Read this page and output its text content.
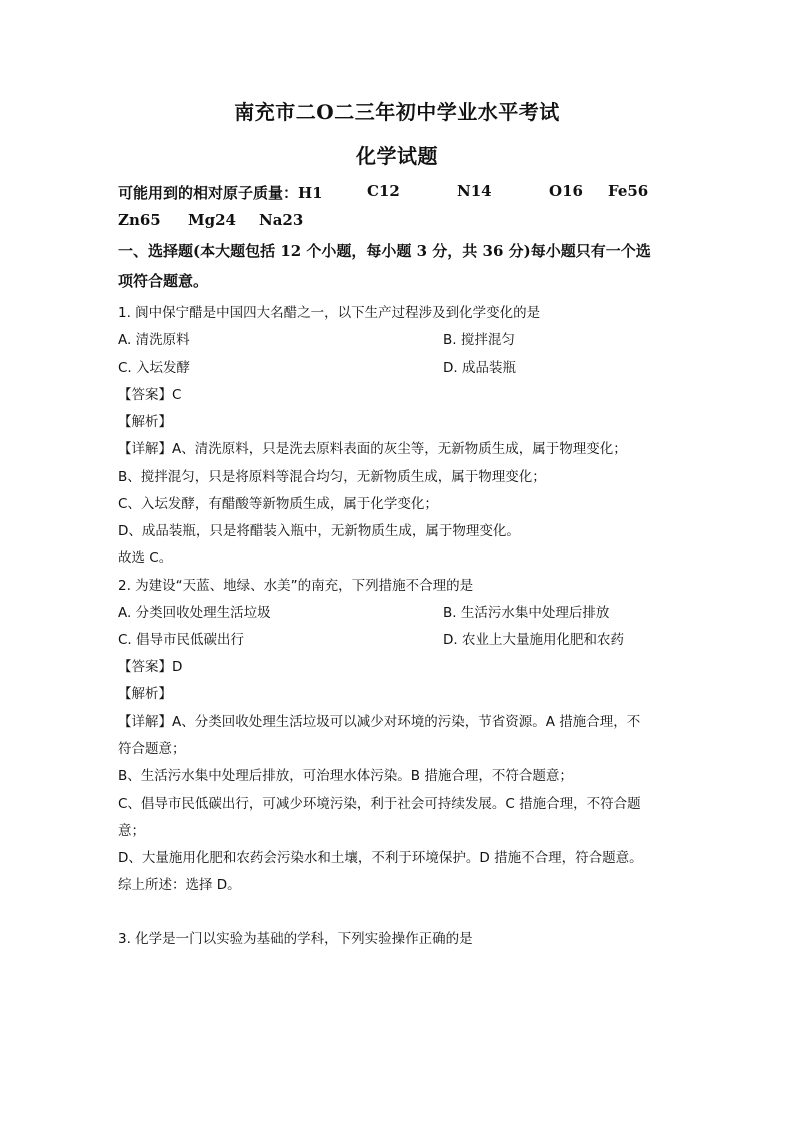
南充市二O二三年初中学业水平考试
化学试题
可能用到的相对原子质量：H1	C12	N14	O16 Fe56
Zn65 Mg24 Na23
一、选择题(本大题包括 12 个小题，每小题 3 分，共 36 分)每小题只有一个选
项符合题意。
1. 阆中保宁醋是中国四大名醋之一，以下生产过程涉及到化学变化的是
A. 清洗原料	B. 搅拌混匀
C. 入坛发酵	D. 成品装瓶
【答案】C
【解析】
【详解】A、清洗原料，只是洗去原料表面的灰尘等，无新物质生成，属于物理变化；
B、搅拌混匀，只是将原料等混合均匀，无新物质生成，属于物理变化；
C、入坛发酵，有醋酸等新物质生成，属于化学变化；
D、成品装瓶，只是将醋装入瓶中，无新物质生成，属于物理变化。
故选 C。
2. 为建设“天蓝、地绿、水美”的南充，下列措施不合理的是
A. 分类回收处理生活垃圾	B. 生活污水集中处理后排放
C. 倡导市民低碳出行	D. 农业上大量施用化肥和农药
【答案】D
【解析】
【详解】A、分类回收处理生活垃圾可以减少对环境的污染，节省资源。A 措施合理，不
符合题意；
B、生活污水集中处理后排放，可治理水体污染。B 措施合理，不符合题意；
C、倡导市民低碳出行，可减少环境污染，利于社会可持续发展。C 措施合理，不符合题
意；
D、大量施用化肥和农药会污染水和土壤，不利于环境保护。D 措施不合理，符合题意。
综上所述：选择 D。
3. 化学是一门以实验为基础的学科，下列实验操作正确的是
